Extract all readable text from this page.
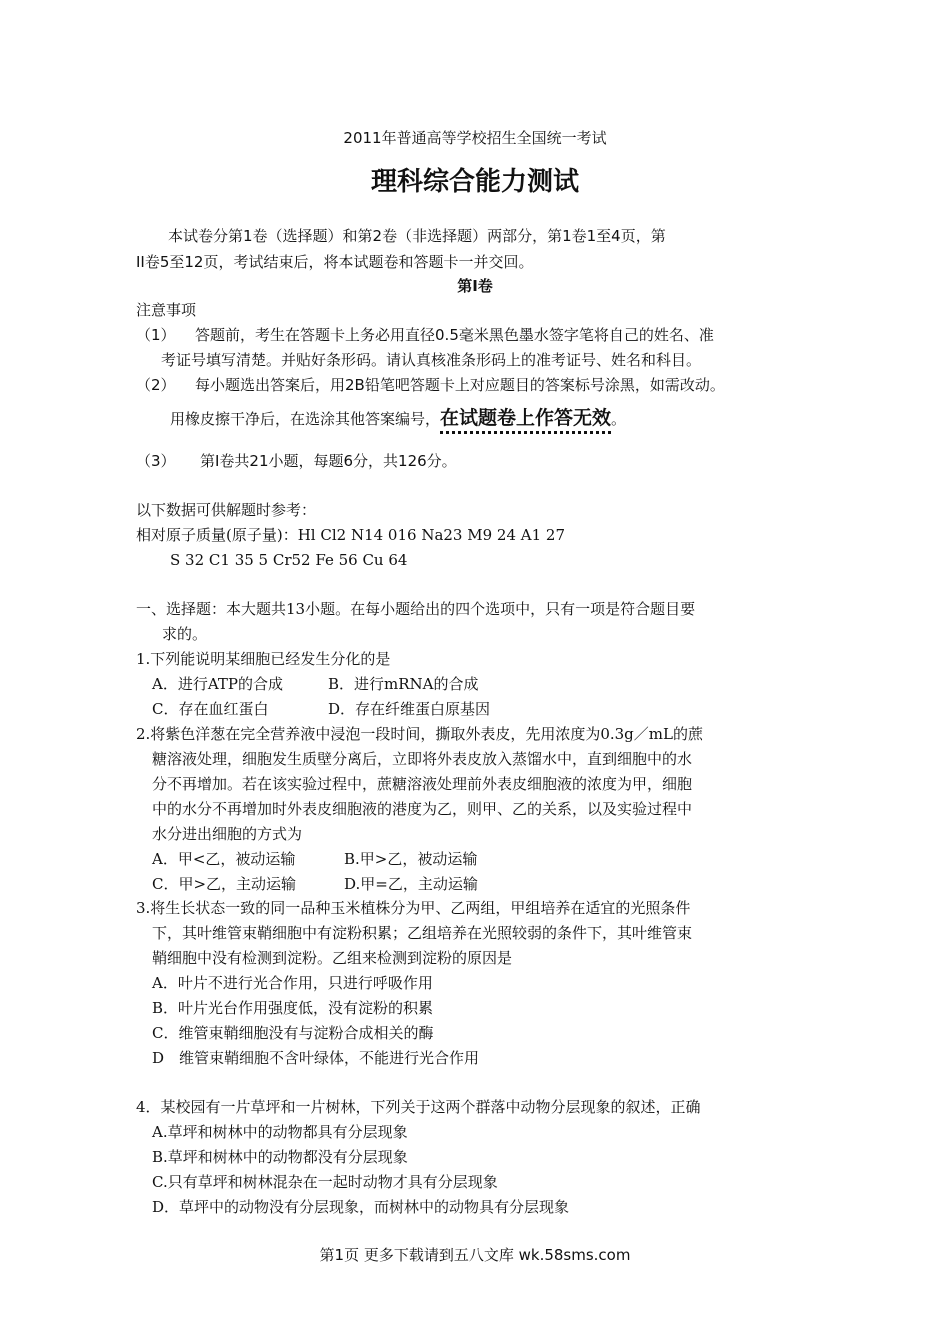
2011年普通高等学校招生全国统一考试
理科综合能力测试
本试卷分第1卷（选择题）和第2卷（非选择题）两部分，第1卷1至4页，第
II卷5至12页，考试结束后，将本试题卷和答题卡一并交回。
第I卷
注意事项
（1） 答题前，考生在答题卡上务必用直径0.5毫米黑色墨水签字笔将自己的姓名、准
考证号填写清楚。并贴好条形码。请认真核准条形码上的准考证号、姓名和科目。
（2） 每小题选出答案后，用2B铅笔吧答题卡上对应题目的答案标号涂黑，如需改动。
用橡皮擦干净后，在选涂其他答案编号，在试题卷上作答无效。
（3） 第I卷共21小题，每题6分，共126分。
以下数据可供解题时参考：
相对原子质量(原子量)：Hl Cl2 N14 016 Na23 M9 24 A1 27
S 32 C1 35 5 Cr52 Fe 56 Cu 64
一、选择题：本大题共13小题。在每小题给出的四个选项中，只有一项是符合题目要
求的。
1.下列能说明某细胞已经发生分化的是
A．进行ATP的合成	B．进行mRNA的合成
C．存在血红蛋白	D．存在纤维蛋白原基因
2.将紫色洋葱在完全营养液中浸泡一段时间，撕取外表皮，先用浓度为0.3g／mL的蔗
糖溶液处理，细胞发生质壁分离后，立即将外表皮放入蒸馏水中，直到细胞中的水
分不再增加。若在该实验过程中，蔗糖溶液处理前外表皮细胞液的浓度为甲，细胞
中的水分不再增加时外表皮细胞液的港度为乙，则甲、乙的关系，以及实验过程中
水分进出细胞的方式为
A．甲<乙，被动运输	B.甲>乙，被动运输
C．甲>乙，主动运输	D.甲=乙，主动运输
3.将生长状态一致的同一品种玉米植株分为甲、乙两组，甲组培养在适宜的光照条件
下，其叶维管束鞘细胞中有淀粉积累；乙组培养在光照较弱的条件下，其叶维管束
鞘细胞中没有检测到淀粉。乙组来检测到淀粉的原因是
A．叶片不进行光合作用，只进行呼吸作用
B．叶片光台作用强度低，没有淀粉的积累
C．维管束鞘细胞没有与淀粉合成相关的酶
D　维管束鞘细胞不含叶绿体，不能进行光合作用
4．某校园有一片草坪和一片树林，下列关于这两个群落中动物分层现象的叙述，正确
A.草坪和树林中的动物都具有分层现象
B.草坪和树林中的动物都没有分层现象
C.只有草坪和树林混杂在一起时动物才具有分层现象
D．草坪中的动物没有分层现象，而树林中的动物具有分层现象
第1页 更多下载请到五八文库 wk.58sms.com
